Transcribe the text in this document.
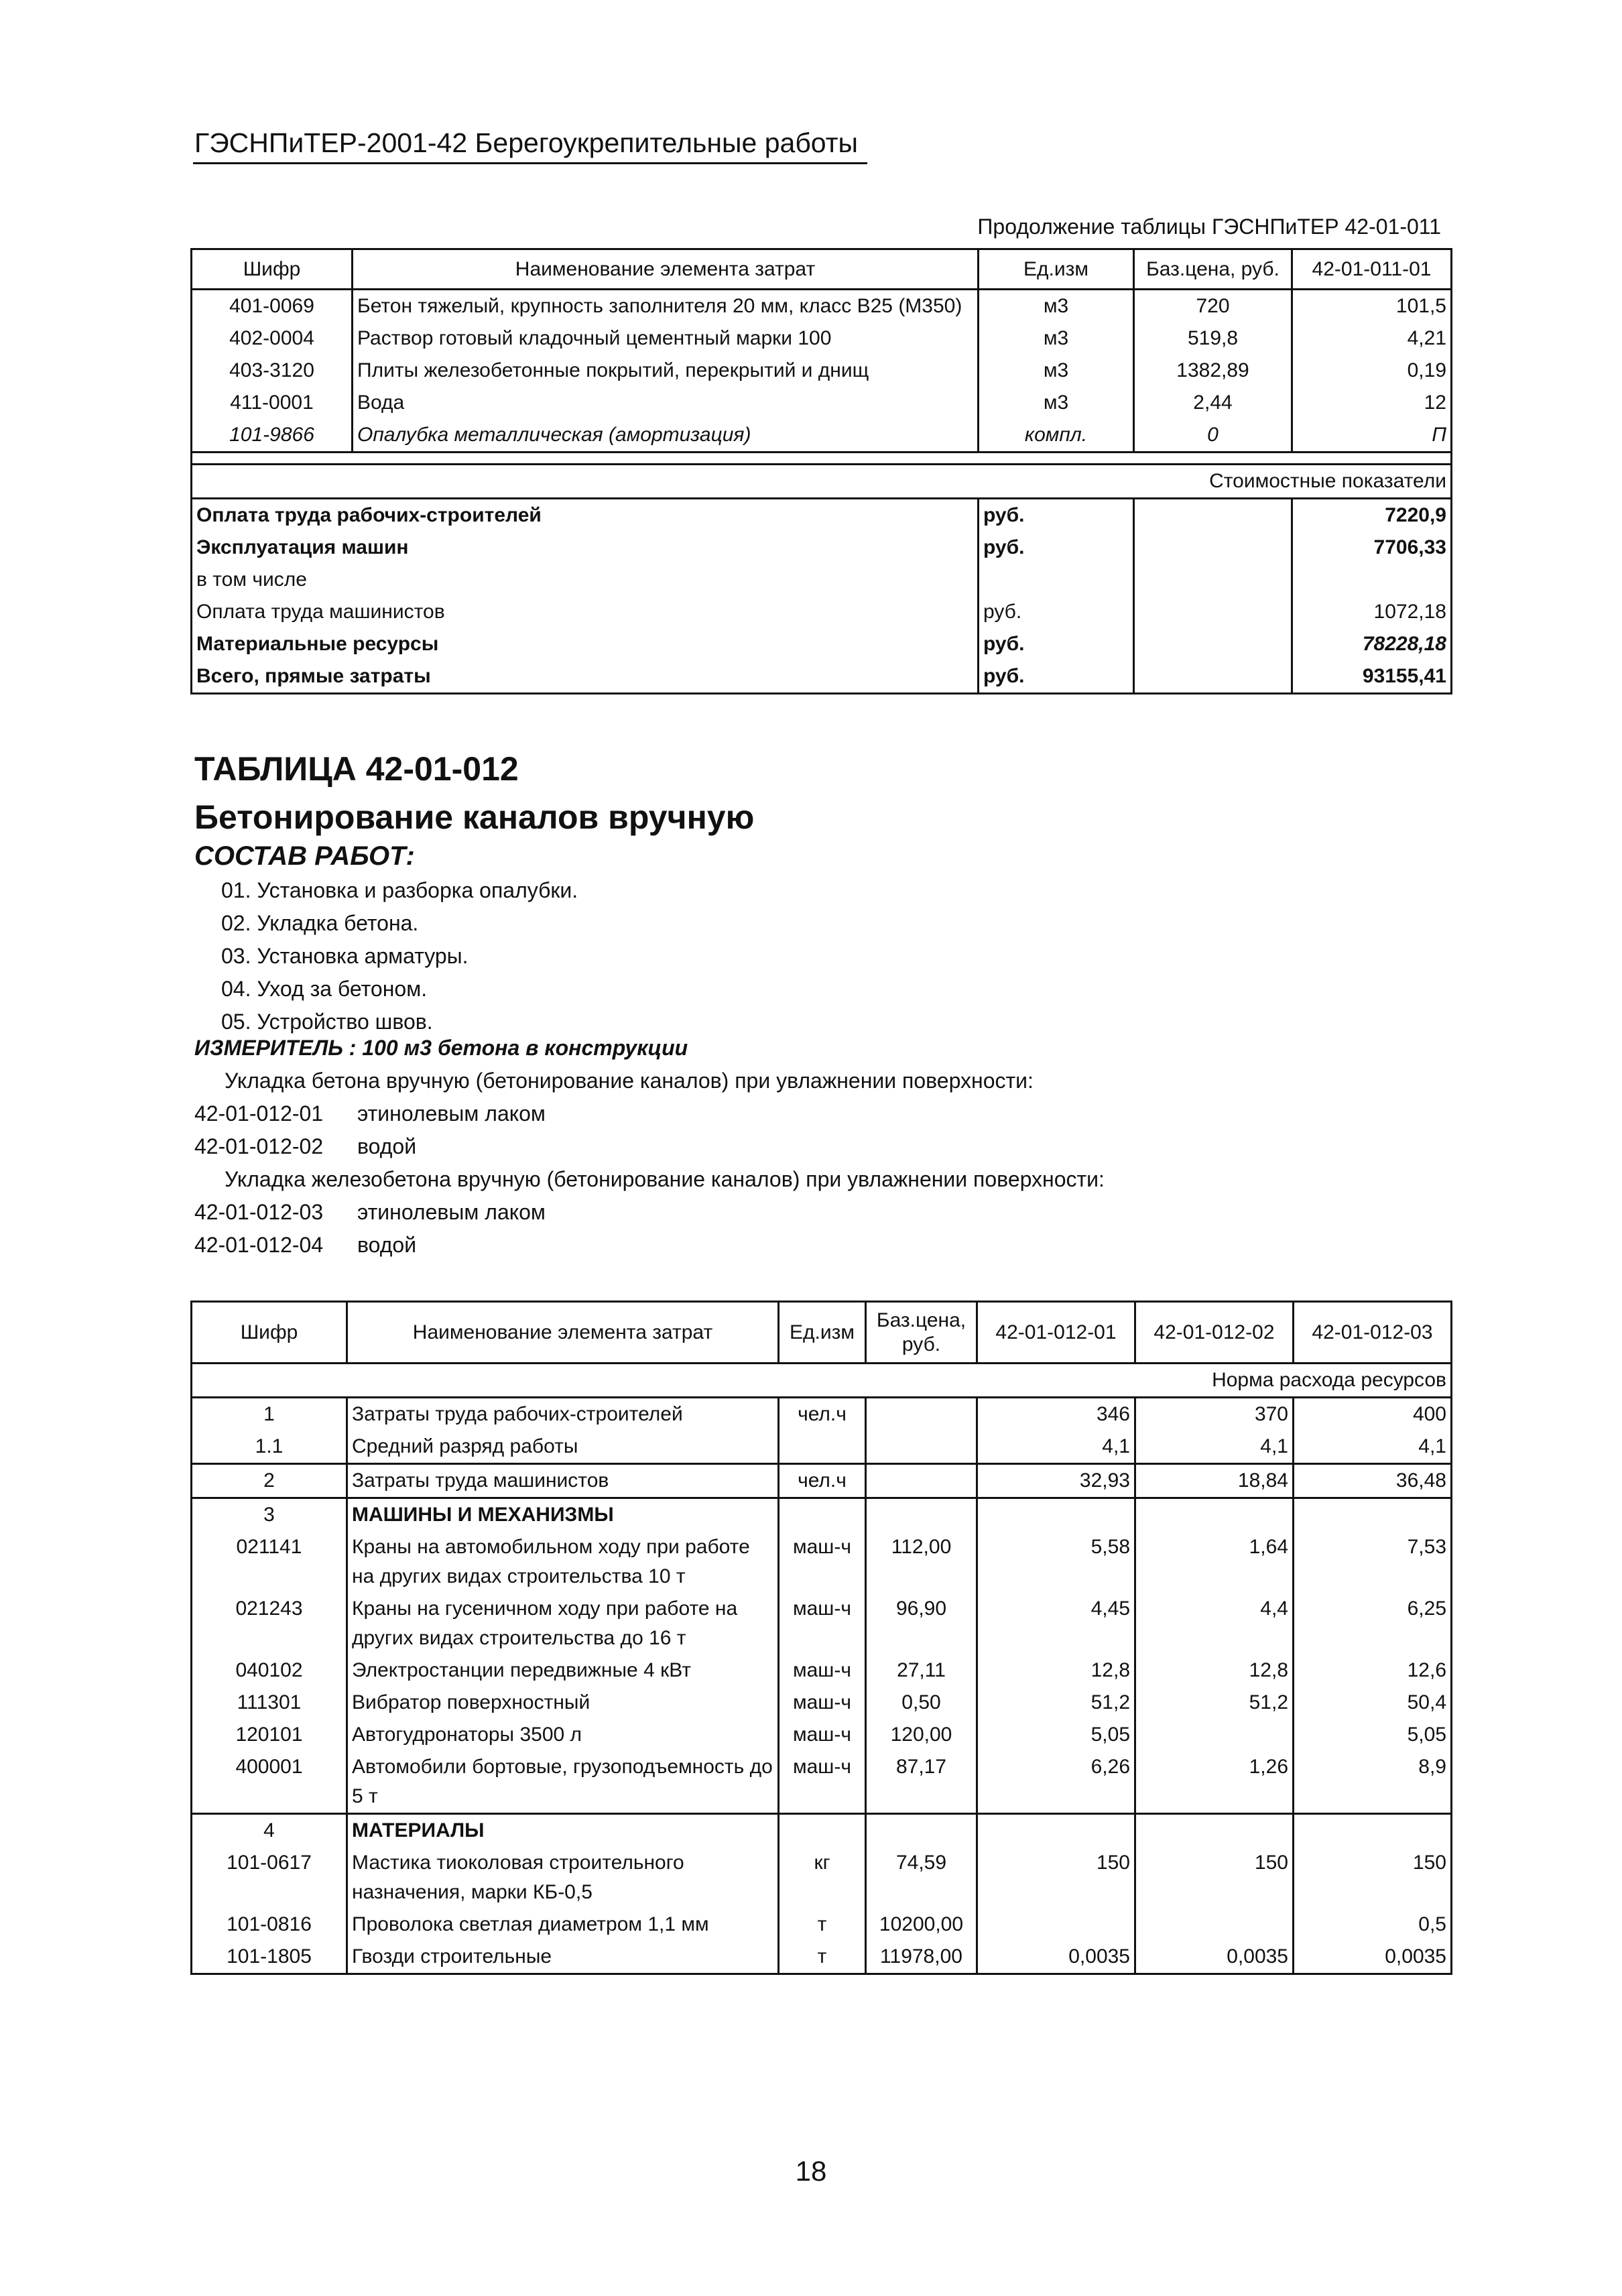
ГЭСНПиТЕР-2001-42 Берегоукрепительные работы
Продолжение таблицы ГЭСНПиТЕР 42-01-011
Шифр	Наименование элемента затрат	Ед.изм	Баз.цена, руб.	42-01-011-01
401-0069	Бетон тяжелый, крупность заполнителя 20 мм, класс В25 (М350)	м3	720	101,5
402-0004	Раствор готовый кладочный цементный марки 100	м3	519,8	4,21
403-3120	Плиты железобетонные покрытий, перекрытий и днищ	м3	1382,89	0,19
411-0001	Вода	м3	2,44	12
101-9866	Опалубка металлическая (амортизация)	компл.	0	П

Стоимостные показатели				
Оплата труда рабочих-строителей		руб.		7220,9
Эксплуатация машин		руб.		7706,33
в том числе				
Оплата труда машинистов		руб.		1072,18
Материальные ресурсы		руб.		78228,18
Всего, прямые затраты		руб.		93155,41
ТАБЛИЦА 42-01-012
Бетонирование каналов вручную
СОСТАВ РАБОТ:
01. Установка и разборка опалубки.
02. Укладка бетона.
03. Установка арматуры.
04. Уход за бетоном.
05. Устройство швов.
ИЗМЕРИТЕЛЬ : 100 м3 бетона в конструкции
Укладка бетона вручную (бетонирование каналов) при увлажнении поверхности:
42-01-012-01 этинолевым лаком
42-01-012-02 водой
Укладка железобетона вручную (бетонирование каналов) при увлажнении поверхности:
42-01-012-03 этинолевым лаком
42-01-012-04 водой
Шифр	Наименование элемента затрат	Ед.изм	Баз.цена, руб.	42-01-012-01	42-01-012-02	42-01-012-03
Норма расхода ресурсов						
1	Затраты труда рабочих-строителей	чел.ч		346	370	400
1.1	Средний разряд работы			4,1	4,1	4,1
2	Затраты труда машинистов	чел.ч		32,93	18,84	36,48
3	МАШИНЫ И МЕХАНИЗМЫ					
021141	Краны на автомобильном ходу при работе на других видах строительства 10 т	маш-ч	112,00	5,58	1,64	7,53
021243	Краны на гусеничном ходу при работе на других видах строительства до 16 т	маш-ч	96,90	4,45	4,4	6,25
040102	Электростанции передвижные 4 кВт	маш-ч	27,11	12,8	12,8	12,6
111301	Вибратор поверхностный	маш-ч	0,50	51,2	51,2	50,4
120101	Автогудронаторы 3500 л	маш-ч	120,00	5,05		5,05
400001	Автомобили бортовые, грузоподъемность до 5 т	маш-ч	87,17	6,26	1,26	8,9
4	МАТЕРИАЛЫ					
101-0617	Мастика тиоколовая строительного назначения, марки КБ-0,5	кг	74,59	150	150	150
101-0816	Проволока светлая диаметром 1,1 мм	т	10200,00			0,5
101-1805	Гвозди строительные	т	11978,00	0,0035	0,0035	0,0035
18
